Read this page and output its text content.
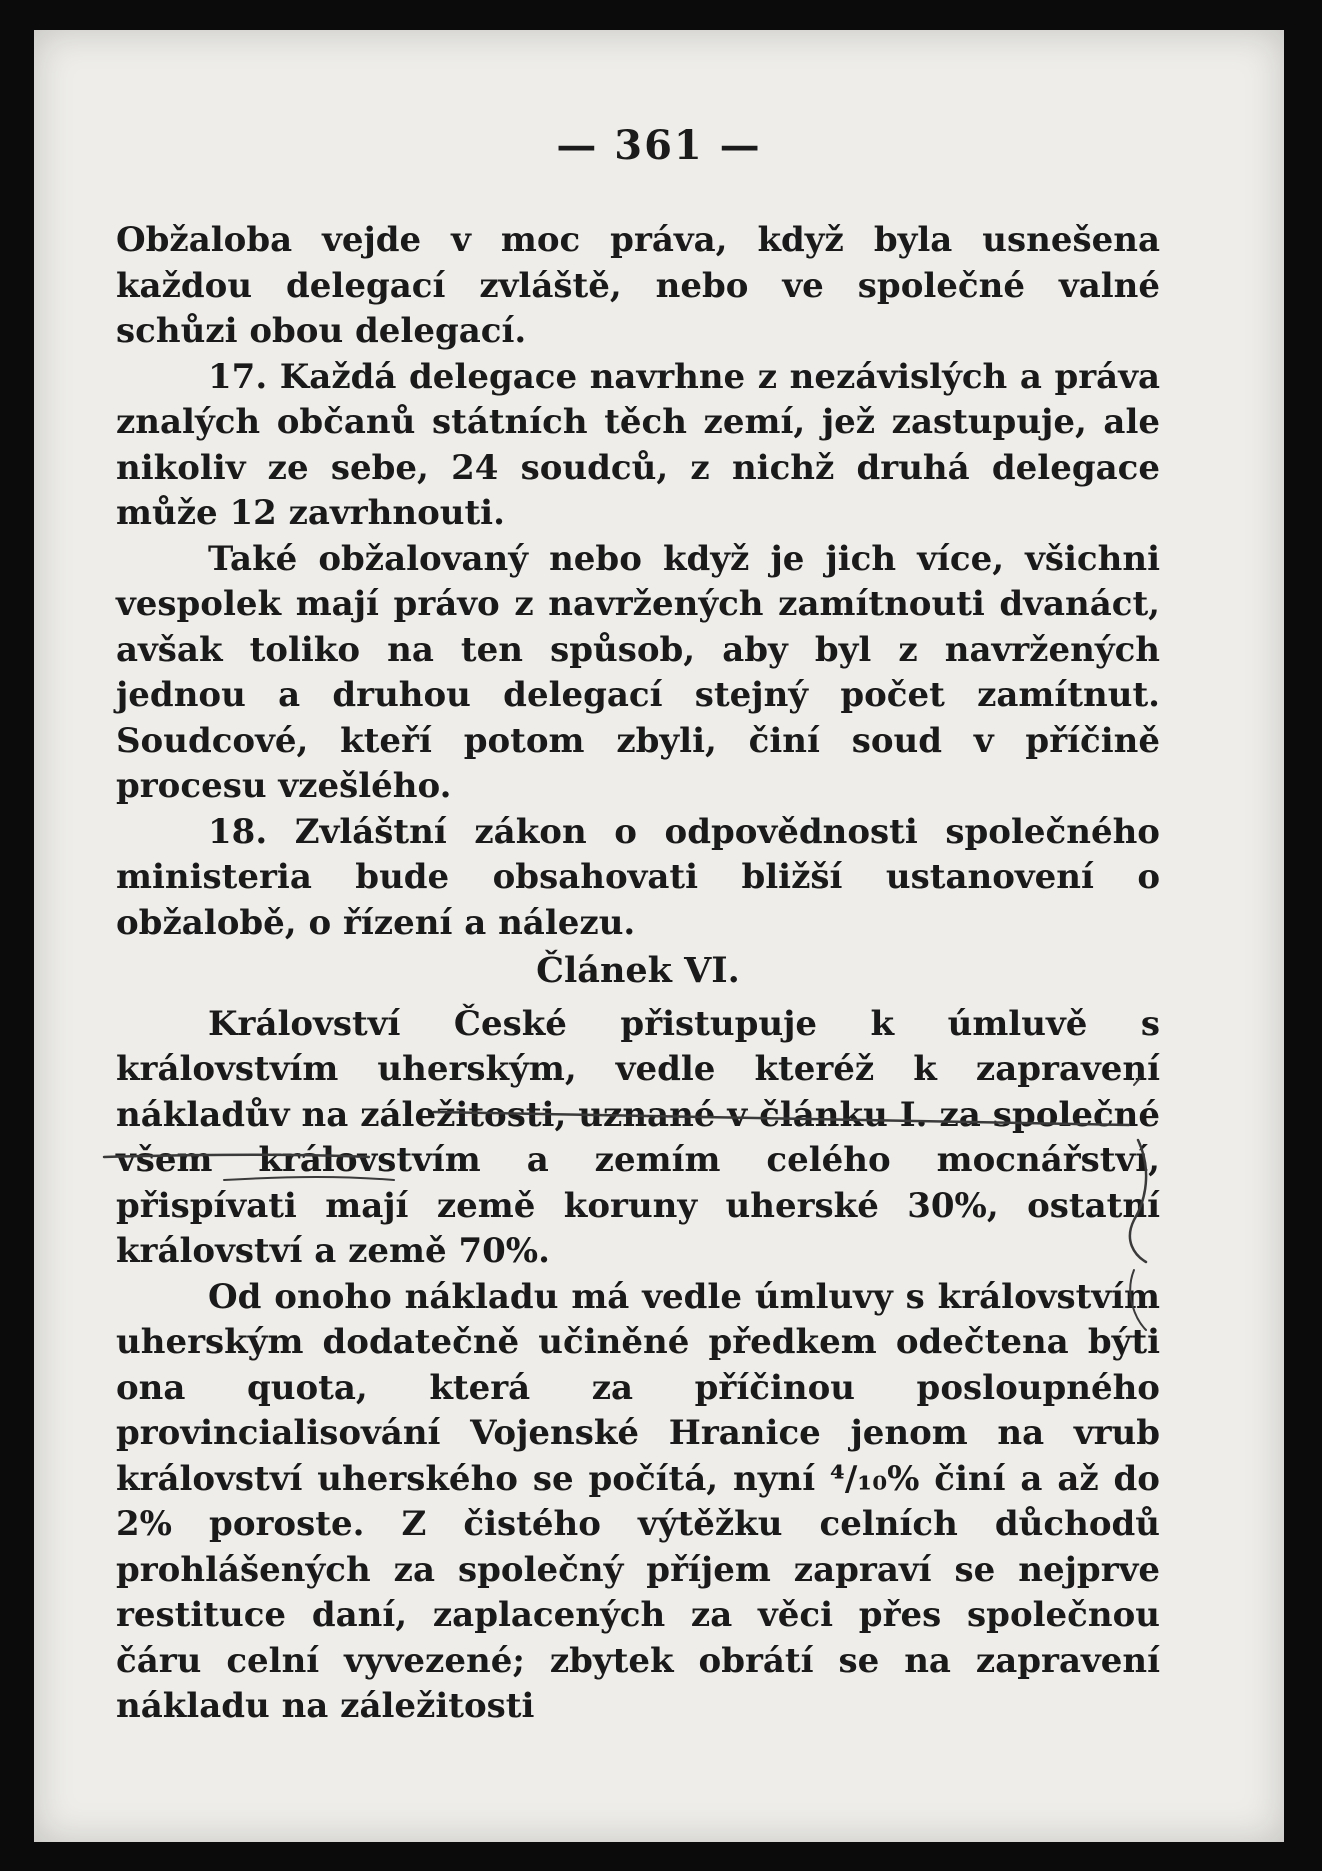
— 361 —

Obžaloba vejde v moc práva, když byla usnešena každou delegací zvláště, nebo ve společné valné schůzi obou delegací.

17. Každá delegace navrhne z nezávislých a práva znalých občanů státních těch zemí, jež zastupuje, ale nikoliv ze sebe, 24 soudců, z nichž druhá delegace může 12 zavrhnouti.

Také obžalovaný nebo když je jich více, všichni vespolek mají právo z navržených zamítnouti dvanáct, avšak toliko na ten spůsob, aby byl z navržených jednou a druhou delegací stejný počet zamítnut. Soudcové, kteří potom zbyli, činí soud v příčině procesu vzešlého.

18. Zvláštní zákon o odpovědnosti společného ministeria bude obsahovati bližší ustanovení o obžalobě, o řízení a nálezu.

Článek VI.

Království České přistupuje k úmluvě s královstvím uherským, vedle kteréž k zapravení nákladův na záležitosti, uznané v článku I. za společné všem královstvím a zemím celého mocnářství, přispívati mají země koruny uherské 30%, ostatní království a země 70%.

Od onoho nákladu má vedle úmluvy s královstvím uherským dodatečně učiněné předkem odečtena býti ona quota, která za příčinou posloupného provincialisování Vojenské Hranice jenom na vrub království uherského se počítá, nyní ⁴/₁₀% činí a až do 2% poroste. Z čistého výtěžku celních důchodů prohlášených za společný příjem zapraví se nejprve restituce daní, zaplacených za věci přes společnou čáru celní vyvezené; zbytek obrátí se na zapravení nákladu na záležitosti
